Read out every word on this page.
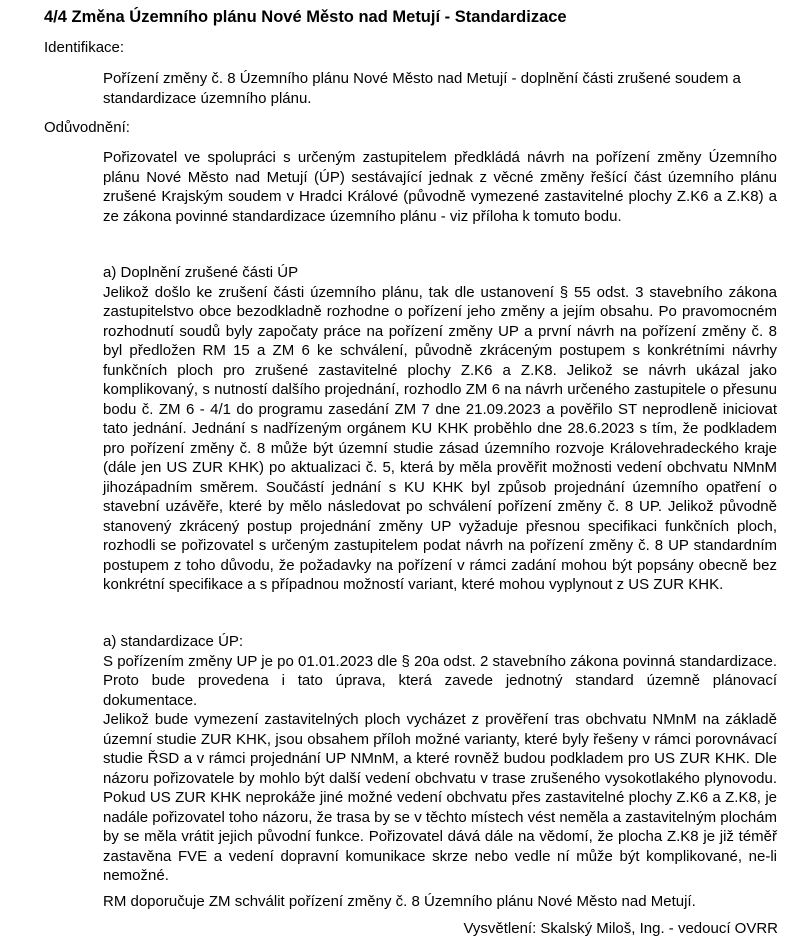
4/4 Změna Územního plánu Nové Město nad Metují - Standardizace

Identifikace:

Pořízení změny č. 8 Územního plánu Nové Město nad Metují - doplnění části zrušené soudem a standardizace územního plánu.

Odůvodnění:

Pořizovatel ve spolupráci s určeným zastupitelem předkládá návrh na pořízení změny Územního plánu Nové Město nad Metují (ÚP) sestávající jednak z věcné změny řešící část územního plánu zrušené Krajským soudem v Hradci Králové (původně vymezené zastavitelné plochy Z.K6 a Z.K8) a ze zákona povinné standardizace územního plánu - viz příloha k tomuto bodu.

a) Doplnění zrušené části ÚP
Jelikož došlo ke zrušení části územního plánu, tak dle ustanovení § 55 odst. 3 stavebního zákona zastupitelstvo obce bezodkladně rozhodne o pořízení jeho změny a jejím obsahu. Po pravomocném rozhodnutí soudů byly započaty práce na pořízení změny UP a první návrh na pořízení změny č. 8 byl předložen RM 15 a ZM 6 ke schválení, původně zkráceným postupem s konkrétními návrhy funkčních ploch pro zrušené zastavitelné plochy Z.K6 a Z.K8. Jelikož se návrh ukázal jako komplikovaný, s nutností dalšího projednání, rozhodlo ZM 6 na návrh určeného zastupitele o přesunu bodu č. ZM 6 - 4/1 do programu zasedání ZM 7 dne 21.09.2023 a pověřilo ST neprodleně iniciovat tato jednání. Jednání s nadřízeným orgánem KU KHK proběhlo dne 28.6.2023 s tím, že podkladem pro pořízení změny č. 8 může být územní studie zásad územního rozvoje Královehradeckého kraje (dále jen US ZUR KHK) po aktualizaci č. 5, která by měla prověřit možnosti vedení obchvatu NMnM jihozápadním směrem. Součástí jednání s KU KHK byl způsob projednání územního opatření o stavební uzávěře, které by mělo následovat po schválení pořízení změny č. 8 UP. Jelikož původně stanovený zkrácený postup projednání změny UP vyžaduje přesnou specifikaci funkčních ploch, rozhodli se pořizovatel s určeným zastupitelem podat návrh na pořízení změny č. 8 UP standardním postupem z toho důvodu, že požadavky na pořízení v rámci zadání mohou být popsány obecně bez konkrétní specifikace a s případnou možností variant, které mohou vyplynout z US ZUR KHK.
a) standardizace ÚP:
S pořízením změny UP je po 01.01.2023 dle § 20a odst. 2 stavebního zákona povinná standardizace. Proto bude provedena i tato úprava, která zavede jednotný standard územně plánovací dokumentace.
Jelikož bude vymezení zastavitelných ploch vycházet z prověření tras obchvatu NMnM na základě územní studie ZUR KHK, jsou obsahem příloh možné varianty, které byly řešeny v rámci porovnávací studie ŘSD a v rámci projednání UP NMnM, a které rovněž budou podkladem pro US ZUR KHK. Dle názoru pořizovatele by mohlo být další vedení obchvatu v trase zrušeného vysokotlakého plynovodu. Pokud US ZUR KHK neprokáže jiné možné vedení obchvatu přes zastavitelné plochy Z.K6 a Z.K8, je nadále pořizovatel toho názoru, že trasa by se v těchto místech vést neměla a zastavitelným plochám by se měla vrátit jejich původní funkce. Pořizovatel dává dále na vědomí, že plocha Z.K8 je již téměř zastavěna FVE a vedení dopravní komunikace skrze nebo vedle ní může být komplikované, ne-li nemožné.

RM doporučuje ZM schválit pořízení změny č. 8 Územního plánu Nové Město nad Metují.

Vysvětlení: Skalský Miloš, Ing. - vedoucí OVRR
